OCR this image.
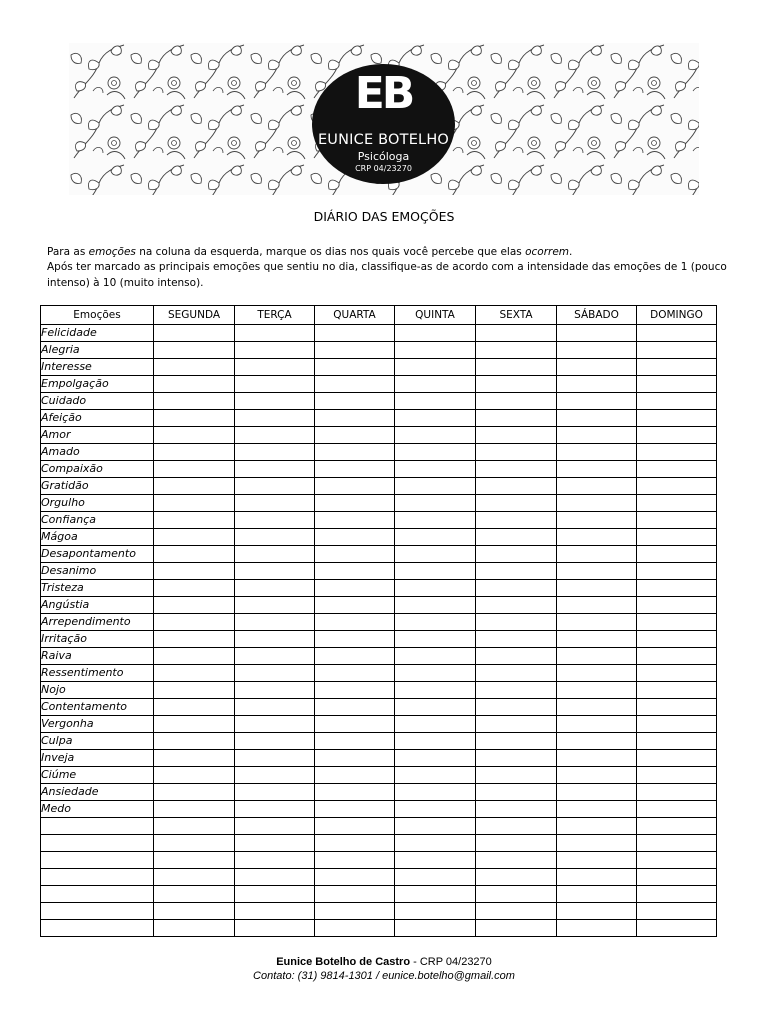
EB
EUNICE BOTELHO
Psicóloga
CRP 04/23270
DIÁRIO DAS EMOÇÕES

Para as emoções na coluna da esquerda, marque os dias nos quais você percebe que elas ocorrem.

Após ter marcado as principais emoções que sentiu no dia, classifique-as de acordo com a intensidade das emoções de 1 (pouco intenso) à 10 (muito intenso).

Emoções	SEGUNDA	TERÇA	QUARTA	QUINTA	SEXTA	SÁBADO	DOMINGO
Felicidade							
Alegria							
Interesse							
Empolgação							
Cuidado							
Afeição							
Amor							
Amado							
Compaixão							
Gratidão							
Orgulho							
Confiança							
Mágoa							
Desapontamento							
Desanimo							
Tristeza							
Angústia							
Arrependimento							
Irritação							
Raiva							
Ressentimento							
Nojo							
Contentamento							
Vergonha							
Culpa							
Inveja							
Ciúme							
Ansiedade							
Medo							

Eunice Botelho de Castro - CRP 04/23270
Contato: (31) 9814-1301 / eunice.botelho@gmail.com
